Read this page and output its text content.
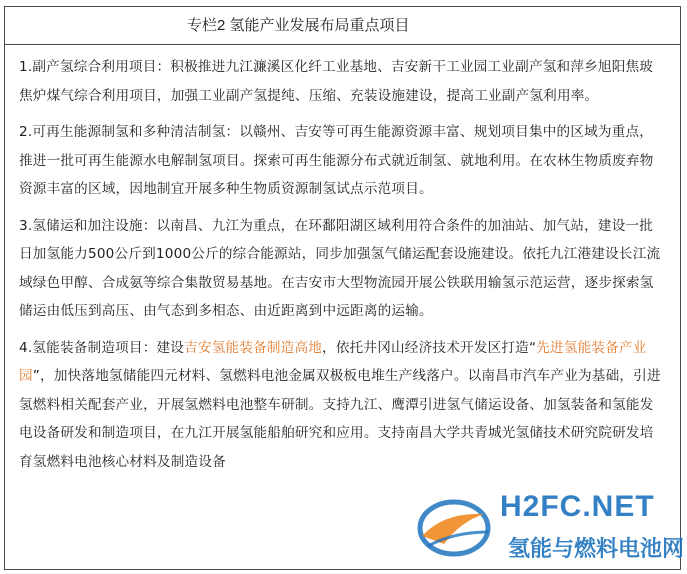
专栏2 氢能产业发展布局重点项目

1.副产氢综合利用项目：积极推进九江濂溪区化纤工业基地、吉安新干工业园工业副产氢和萍乡旭阳焦玻焦炉煤气综合利用项目，加强工业副产氢提纯、压缩、充装设施建设，提高工业副产氢利用率。

2.可再生能源制氢和多种清洁制氢：以赣州、吉安等可再生能源资源丰富、规划项目集中的区域为重点，推进一批可再生能源水电解制氢项目。探索可再生能源分布式就近制氢、就地利用。在农林生物质废弃物资源丰富的区域，因地制宜开展多种生物质资源制氢试点示范项目。

3.氢储运和加注设施：以南昌、九江为重点，在环鄱阳湖区域利用符合条件的加油站、加气站，建设一批日加氢能力500公斤到1000公斤的综合能源站，同步加强氢气储运配套设施建设。依托九江港建设长江流域绿色甲醇、合成氨等综合集散贸易基地。在吉安市大型物流园开展公铁联用输氢示范运营，逐步探索氢储运由低压到高压、由气态到多相态、由近距离到中远距离的运输。

4.氢能装备制造项目：建设吉安氢能装备制造高地，依托井冈山经济技术开发区打造“先进氢能装备产业园”，加快落地氢储能四元材料、氢燃料电池金属双极板电堆生产线落户。以南昌市汽车产业为基础，引进氢燃料相关配套产业，开展氢燃料电池整车研制。支持九江、鹰潭引进氢气储运设备、加氢装备和氢能发电设备研发和制造项目，在九江开展氢能船舶研究和应用。支持南昌大学共青城光氢储技术研究院研发培育氢燃料电池核心材料及制造设备

H2FC.NET
氢能与燃料电池网
